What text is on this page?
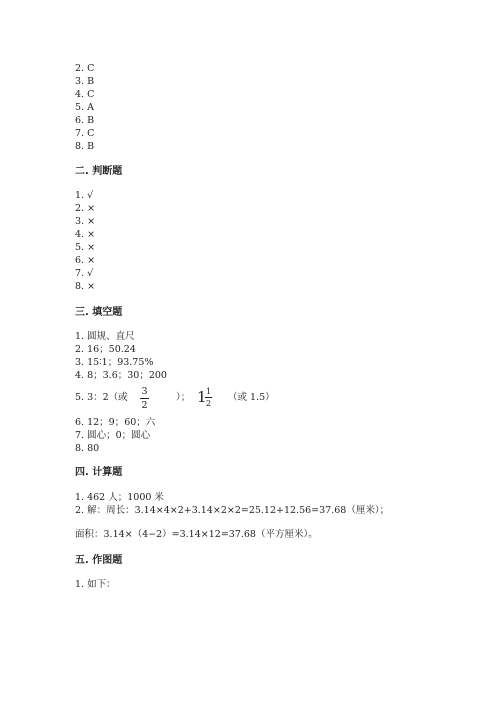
2. C
3. B
4. C
5. A
6. B
7. C
8. B
二. 判断题
1. √
2. ×
3. ×
4. ×
5. ×
6. ×
7. √
8. ×
三. 填空题
1. 圆规、直尺
2. 16；50.24
3. 15∶1；93.75%
4. 8；3.6；30；200
5. 3：2（或
3
2
）； 1 1
2
（或 1.5）
6. 12；9；60；六
7. 圆心；0；圆心
8. 80
四. 计算题
1. 462 人；1000 米
2. 解：周长：3.14×4×2+3.14×2×2=25.12+12.56=37.68（厘米）；
面积：3.14×（4−2）=3.14×12=37.68（平方厘米）。
五. 作图题
1. 如下：
